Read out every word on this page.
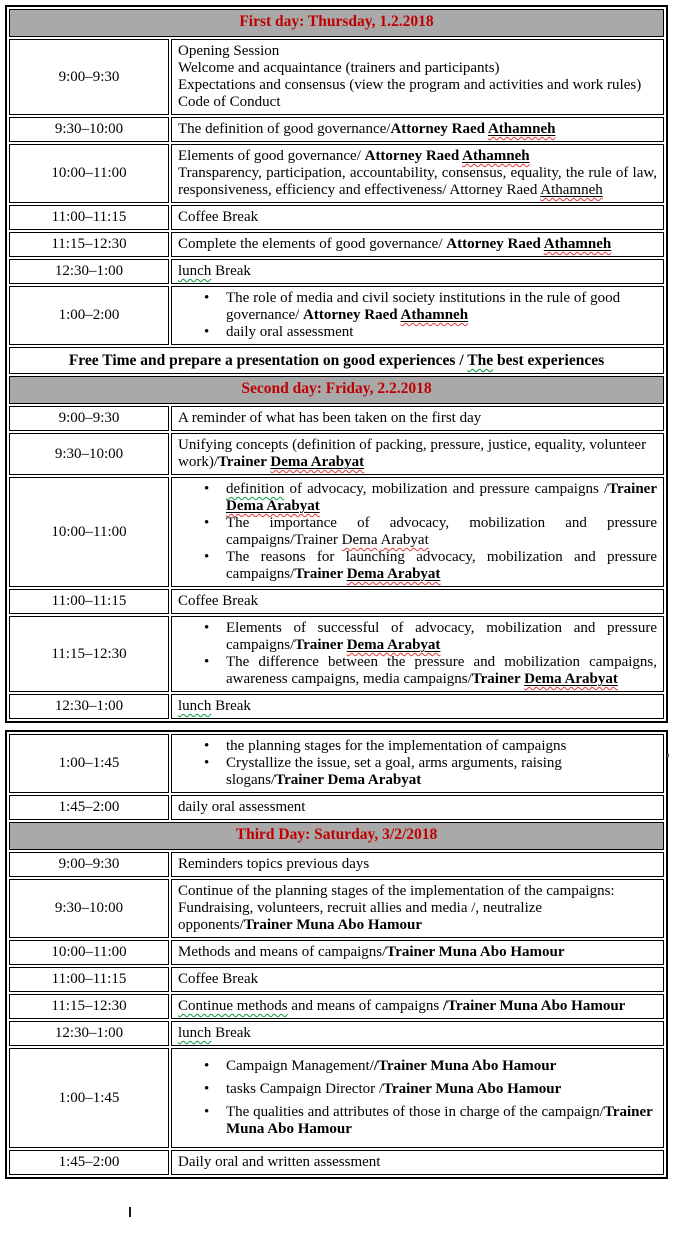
First day: Thursday, 1.2.2018	
9:00–9:30	Opening Session
Welcome and acquaintance (trainers and participants)
Expectations and consensus (view the program and activities and work rules)
Code of Conduct

9:30–10:00	The definition of good governance/Attorney Raed Athamneh

10:00–11:00	Elements of good governance/ Attorney Raed Athamneh
Transparency, participation, accountability, consensus, equality, the rule of law, responsiveness, efficiency and effectiveness/ Attorney Raed Athamneh

11:00–11:15	Coffee Break

11:15–12:30	Complete the elements of good governance/ Attorney Raed Athamneh

12:30–1:00	lunch Break

1:00–2:00	• The role of media and civil society institutions in the rule of good governance/ Attorney Raed Athamneh
• daily oral assessment

Free Time and prepare a presentation on good experiences / The best experiences	
Second day: Friday, 2.2.2018	
9:00–9:30	A reminder of what has been taken on the first day

9:30–10:00	Unifying concepts (definition of packing, pressure, justice, equality, volunteer work)/Trainer Dema Arabyat

10:00–11:00	• definition of advocacy, mobilization and pressure campaigns /Trainer Dema Arabyat
• The importance of advocacy, mobilization and pressure campaigns/Trainer Dema Arabyat
• The reasons for launching advocacy, mobilization and pressure campaigns/Trainer Dema Arabyat

11:00–11:15	Coffee Break

11:15–12:30	• Elements of successful of advocacy, mobilization and pressure campaigns/Trainer Dema Arabyat
• The difference between the pressure and mobilization campaigns, awareness campaigns, media campaigns/Trainer Dema Arabyat

12:30–1:00	lunch Break
1:00–1:45	• the planning stages for the implementation of campaigns
• Crystallize the issue, set a goal, arms arguments, raising slogans/Trainer Dema Arabyat

1:45–2:00	daily oral assessment

Third Day: Saturday, 3/2/2018	
9:00–9:30	Reminders topics previous days

9:30–10:00	Continue of the planning stages of the implementation of the campaigns: Fundraising, volunteers, recruit allies and media /, neutralize opponents/Trainer Muna Abo Hamour

10:00–11:00	Methods and means of campaigns/Trainer Muna Abo Hamour

11:00–11:15	Coffee Break

11:15–12:30	Continue methods and means of campaigns /Trainer Muna Abo Hamour

12:30–1:00	lunch Break

1:00–1:45	• Campaign Management//Trainer Muna Abo Hamour
• tasks Campaign Director /Trainer Muna Abo Hamour
• The qualities and attributes of those in charge of the campaign/Trainer Muna Abo Hamour

1:45–2:00	Daily oral and written assessment
